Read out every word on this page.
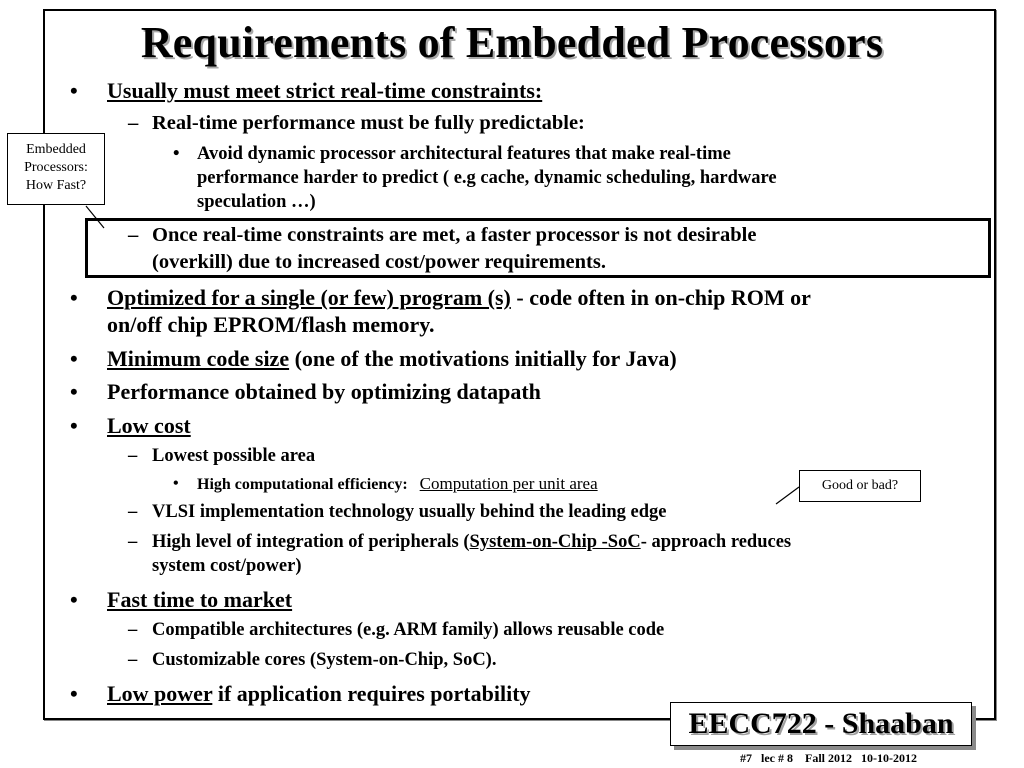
Requirements of Embedded Processors
Embedded
Processors:
How Fast?
Good or bad?
• Usually must meet strict real-time constraints:
– Real-time performance must be fully predictable:
• Avoid dynamic processor architectural features that make real-time
performance harder to predict ( e.g cache, dynamic scheduling, hardware
speculation …)
– Once real-time constraints are met, a faster processor is not desirable
(overkill) due to increased cost/power requirements.
• Optimized for a single (or few) program (s) - code often in on-chip ROM or
on/off chip EPROM/flash memory.
• Minimum code size (one of the motivations initially for Java)
• Performance obtained by optimizing datapath
• Low cost
– Lowest possible area
• High computational efficiency: Computation per unit area
– VLSI implementation technology usually behind the leading edge
– High level of integration of peripherals (System-on-Chip -SoC- approach reduces
system cost/power)
• Fast time to market
– Compatible architectures (e.g. ARM family) allows reusable code
– Customizable cores (System-on-Chip, SoC).
• Low power if application requires portability
EECC722 - Shaaban
#7   lec # 8    Fall 2012   10-10-2012
